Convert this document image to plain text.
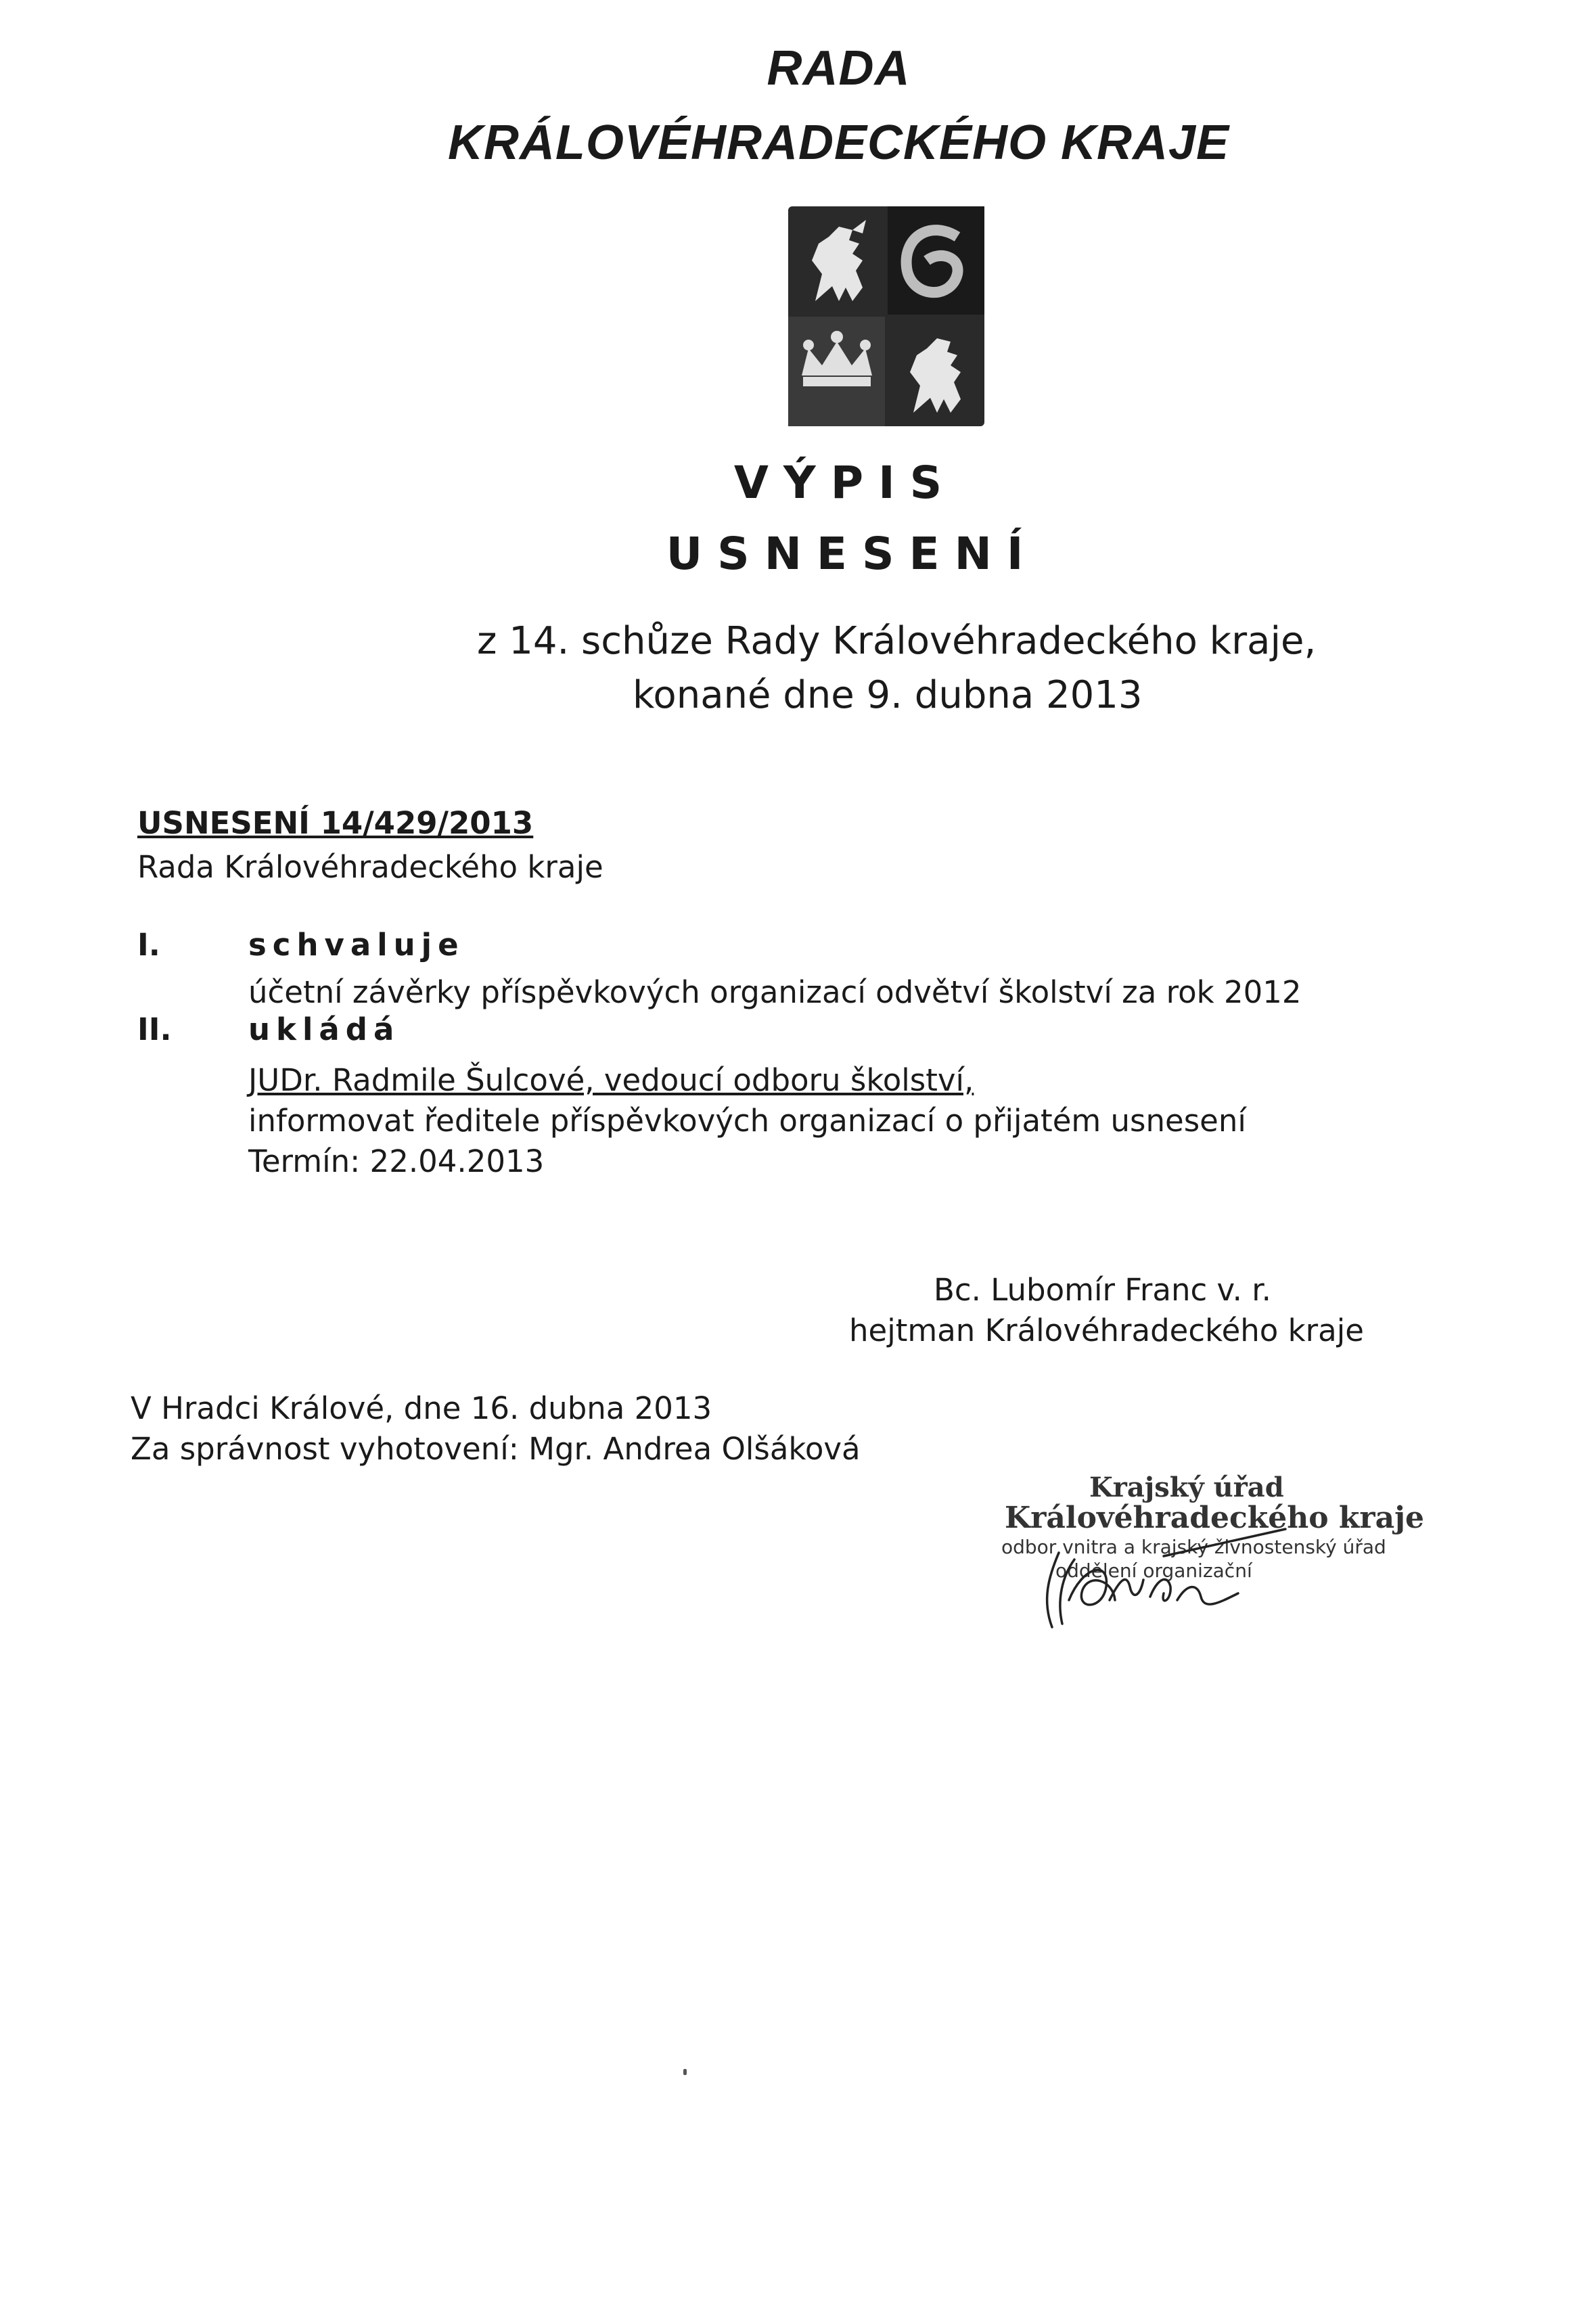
RADA
KRÁLOVÉHRADECKÉHO KRAJE
VÝPIS
USNESENÍ
z 14. schůze Rady Královéhradeckého kraje,
konané dne 9. dubna 2013
USNESENÍ 14/429/2013
Rada Královéhradeckého kraje
I.	schvaluje
účetní závěrky příspěvkových organizací odvětví školství za rok 2012
II.	ukládá
JUDr. Radmile Šulcové, vedoucí odboru školství,
informovat ředitele příspěvkových organizací o přijatém usnesení
Termín: 22.04.2013
Bc. Lubomír Franc v. r.
hejtman Královéhradeckého kraje
V Hradci Králové, dne 16. dubna 2013
Za správnost vyhotovení: Mgr. Andrea Olšáková
Krajský úřad
Královéhradeckého kraje
odbor vnitra a krajský živnostenský úřad
oddělení organizační
